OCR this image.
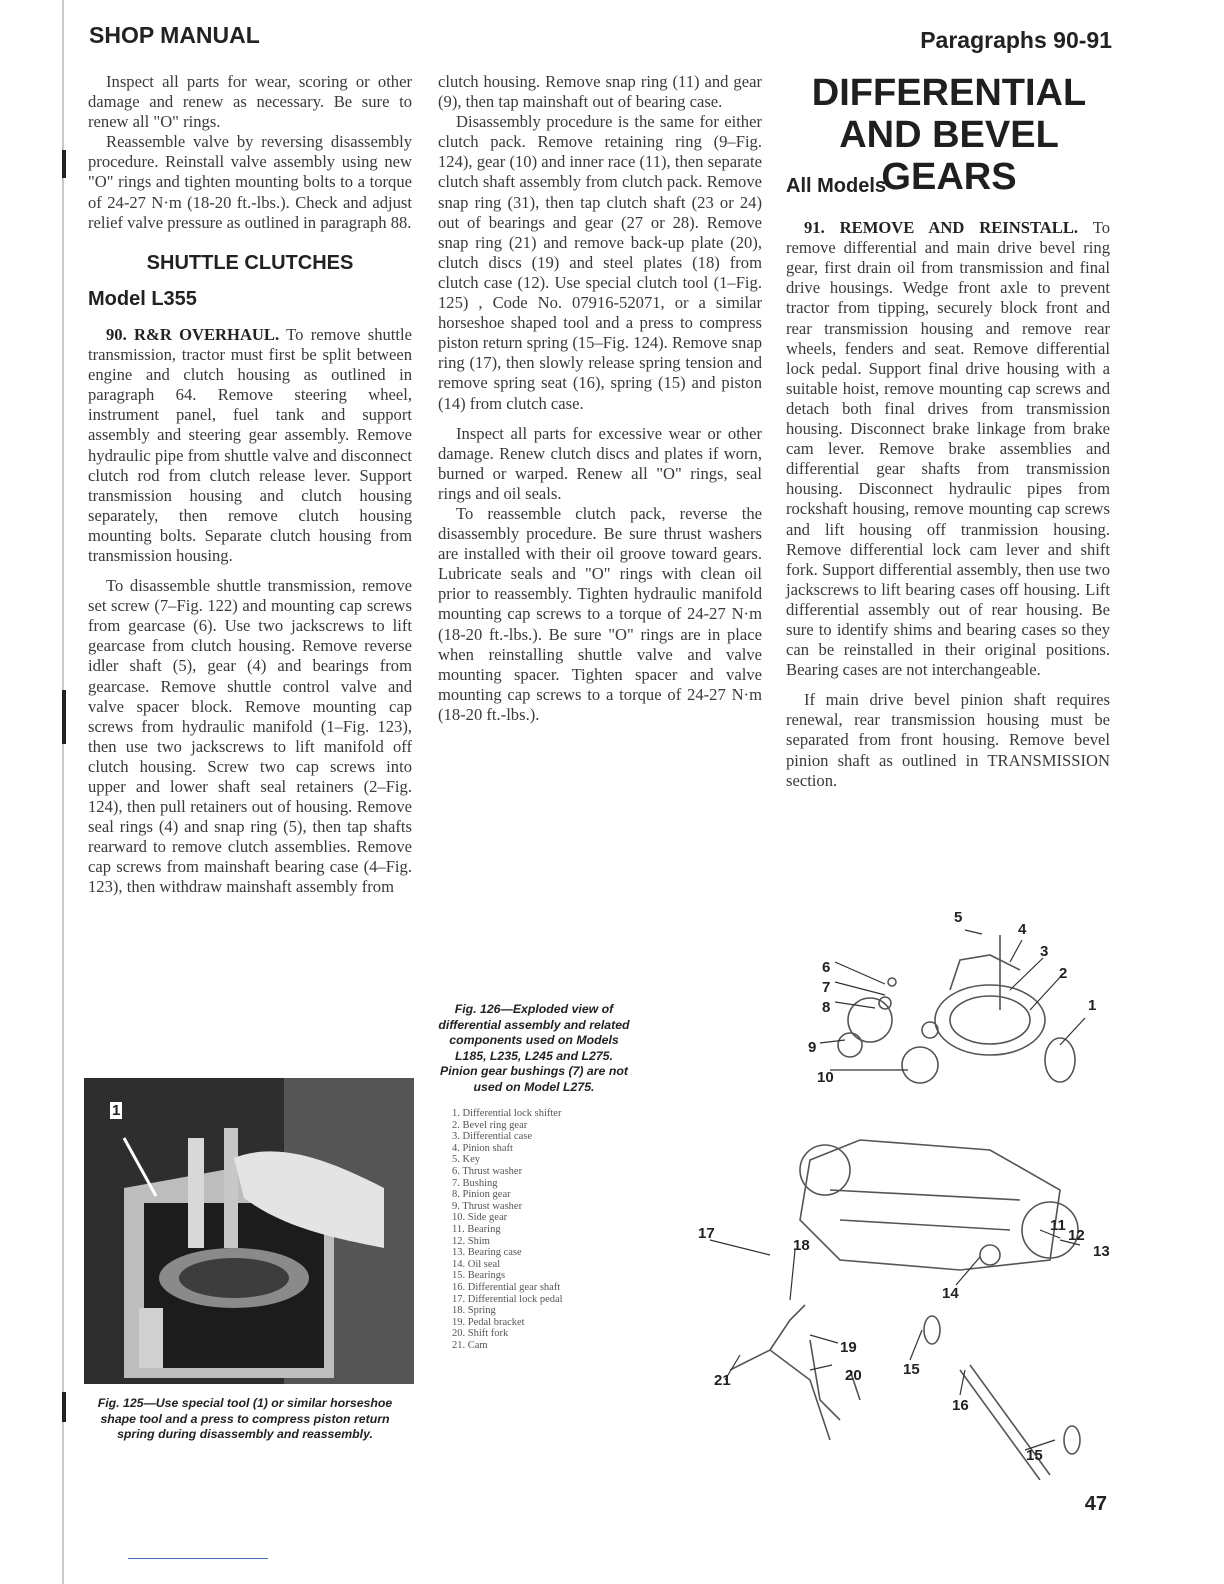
SHOP MANUAL	Paragraphs 90-91

Inspect all parts for wear, scoring or other damage and renew as necessary. Be sure to renew all "O" rings.

Reassemble valve by reversing disassembly procedure. Reinstall valve assembly using new "O" rings and tighten mounting bolts to a torque of 24-27 N·m (18-20 ft.-lbs.). Check and adjust relief valve pressure as outlined in paragraph 88.

SHUTTLE CLUTCHES
Model L355

90. R&R OVERHAUL. To remove shuttle transmission, tractor must first be split between engine and clutch housing as outlined in paragraph 64. Remove steering wheel, instrument panel, fuel tank and support assembly and steering gear assembly. Remove hydraulic pipe from shuttle valve and disconnect clutch rod from clutch release lever. Support transmission housing and clutch housing separately, then remove clutch housing mounting bolts. Separate clutch housing from transmission housing.

To disassemble shuttle transmission, remove set screw (7–Fig. 122) and mounting cap screws from gearcase (6). Use two jackscrews to lift gearcase from clutch housing. Remove reverse idler shaft (5), gear (4) and bearings from gearcase. Remove shuttle control valve and valve spacer block. Remove mounting cap screws from hydraulic manifold (1–Fig. 123), then use two jackscrews to lift manifold off clutch housing. Screw two cap screws into upper and lower shaft seal retainers (2–Fig. 124), then pull retainers out of housing. Remove seal rings (4) and snap ring (5), then tap shafts rearward to remove clutch assemblies. Remove cap screws from mainshaft bearing case (4–Fig. 123), then withdraw mainshaft assembly from

clutch housing. Remove snap ring (11) and gear (9), then tap mainshaft out of bearing case.

Disassembly procedure is the same for either clutch pack. Remove retaining ring (9–Fig. 124), gear (10) and inner race (11), then separate clutch shaft assembly from clutch pack. Remove snap ring (31), then tap clutch shaft (23 or 24) out of bearings and gear (27 or 28). Remove snap ring (21) and remove back-up plate (20), clutch discs (19) and steel plates (18) from clutch case (12). Use special clutch tool (1–Fig. 125) , Code No. 07916-52071, or a similar horseshoe shaped tool and a press to compress piston return spring (15–Fig. 124). Remove snap ring (17), then slowly release spring tension and remove spring seat (16), spring (15) and piston (14) from clutch case.

Inspect all parts for excessive wear or other damage. Renew clutch discs and plates if worn, burned or warped. Renew all "O" rings, seal rings and oil seals.

To reassemble clutch pack, reverse the disassembly procedure. Be sure thrust washers are installed with their oil groove toward gears. Lubricate seals and "O" rings with clean oil prior to reassembly. Tighten hydraulic manifold mounting cap screws to a torque of 24-27 N·m (18-20 ft.-lbs.). Be sure "O" rings are in place when reinstalling shuttle valve and valve mounting spacer. Tighten spacer and valve mounting cap screws to a torque of 24-27 N·m (18-20 ft.-lbs.).

DIFFERENTIAL
AND BEVEL GEARS
All Models

91. REMOVE AND REINSTALL. To remove differential and main drive bevel ring gear, first drain oil from transmission and final drive housings. Wedge front axle to prevent tractor from tipping, securely block front and rear transmission housing and remove rear wheels, fenders and seat. Remove differential lock pedal. Support final drive housing with a suitable hoist, remove mounting cap screws and detach both final drives from transmission housing. Disconnect brake linkage from brake cam lever. Remove brake assemblies and differential gear shafts from transmission housing. Disconnect hydraulic pipes from rockshaft housing, remove mounting cap screws and lift housing off tranmission housing. Remove differential lock cam lever and shift fork. Support differential assembly, then use two jackscrews to lift bearing cases off housing. Lift differential assembly out of rear housing. Be sure to identify shims and bearing cases so they can be reinstalled in their original positions. Bearing cases are not interchangeable.

If main drive bevel pinion shaft requires renewal, rear transmission housing must be separated from front housing. Remove bevel pinion shaft as outlined in TRANSMISSION section.

1
Fig. 125—Use special tool (1) or similar horseshoe shape tool and a press to compress piston return spring during disassembly and reassembly.
Fig. 126—Exploded view of differential assembly and related components used on Models L185, L235, L245 and L275. Pinion gear bushings (7) are not used on Model L275.
1. Differential lock shifter
2. Bevel ring gear
3. Differential case
4. Pinion shaft
5. Key
6. Thrust washer
7. Bushing
8. Pinion gear
9. Thrust washer
10. Side gear
11. Bearing
12. Shim
13. Bearing case
14. Oil seal
15. Bearings
16. Differential gear shaft
17. Differential lock pedal
18. Spring
19. Pedal bracket
20. Shift fork
21. Cam
1
2
3
4
5
6
7
8
9
10
11
12
13
14
15
16
15
17
18
19
20
21
47
